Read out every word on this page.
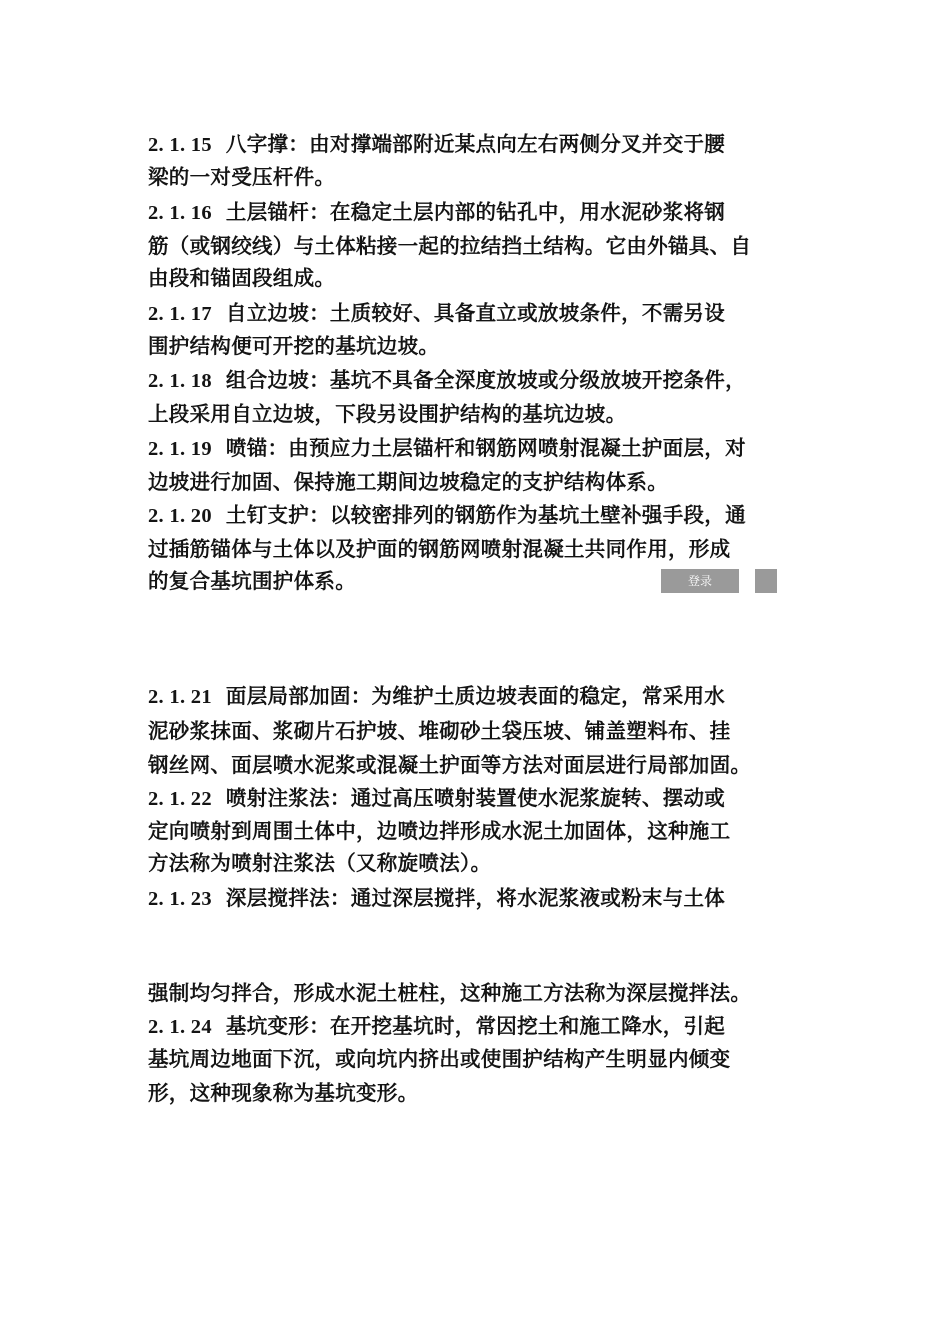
2. 1. 15 八字撑：由对撑端部附近某点向左右两侧分叉并交于腰
梁的一对受压杆件。
2. 1. 16 土层锚杆：在稳定土层内部的钻孔中，用水泥砂浆将钢
筋（或钢绞线）与土体粘接一起的拉结挡土结构。它由外锚具、自
由段和锚固段组成。
2. 1. 17 自立边坡：土质较好、具备直立或放坡条件，不需另设
围护结构便可开挖的基坑边坡。
2. 1. 18 组合边坡：基坑不具备全深度放坡或分级放坡开挖条件，
上段采用自立边坡，下段另设围护结构的基坑边坡。
2. 1. 19 喷锚：由预应力土层锚杆和钢筋网喷射混凝土护面层，对
边坡进行加固、保持施工期间边坡稳定的支护结构体系。
2. 1. 20 土钉支护：以较密排列的钢筋作为基坑土壁补强手段，通
过插筋锚体与土体以及护面的钢筋网喷射混凝土共同作用，形成
的复合基坑围护体系。	登录
2. 1. 21 面层局部加固：为维护土质边坡表面的稳定，常采用水
泥砂浆抹面、浆砌片石护坡、堆砌砂土袋压坡、铺盖塑料布、挂
钢丝网、面层喷水泥浆或混凝土护面等方法对面层进行局部加固。
2. 1. 22 喷射注浆法：通过高压喷射装置使水泥浆旋转、摆动或
定向喷射到周围土体中，边喷边拌形成水泥土加固体，这种施工
方法称为喷射注浆法（又称旋喷法）。
2. 1. 23 深层搅拌法：通过深层搅拌，将水泥浆液或粉末与土体
强制均匀拌合，形成水泥土桩柱，这种施工方法称为深层搅拌法。
2. 1. 24 基坑变形：在开挖基坑时，常因挖土和施工降水，引起
基坑周边地面下沉，或向坑内挤出或使围护结构产生明显内倾变
形，这种现象称为基坑变形。
